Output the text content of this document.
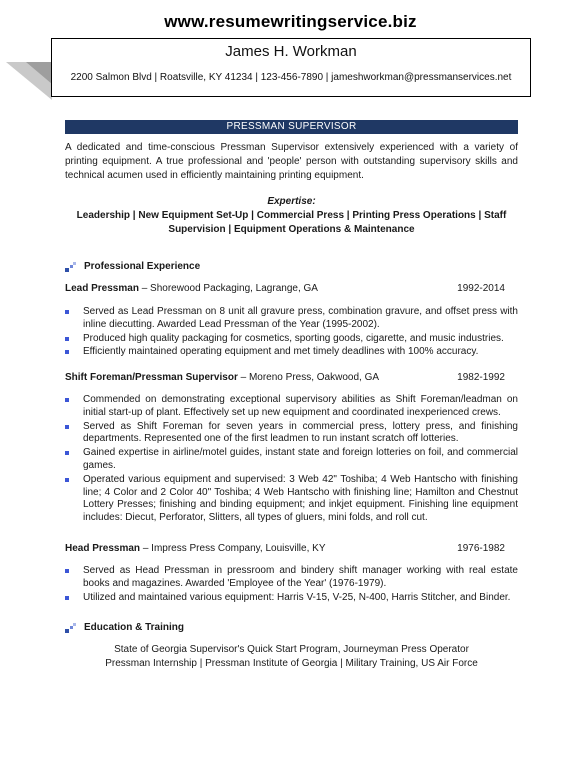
www.resumewritingservice.biz
James H. Workman
2200 Salmon Blvd | Roatsville, KY 41234 | 123-456-7890 | jameshworkman@pressmanservices.net
PRESSMAN SUPERVISOR
A dedicated and time-conscious Pressman Supervisor extensively experienced with a variety of printing equipment. A true professional and 'people' person with outstanding supervisory skills and technical acumen used in efficiently maintaining printing equipment.
Expertise:
Leadership | New Equipment Set-Up | Commercial Press | Printing Press Operations | Staff Supervision | Equipment Operations & Maintenance
Professional Experience
Lead Pressman – Shorewood Packaging, Lagrange, GA	1992-2014
Served as Lead Pressman on 8 unit all gravure press, combination gravure, and offset press with inline diecutting. Awarded Lead Pressman of the Year (1995-2002).
Produced high quality packaging for cosmetics, sporting goods, cigarette, and music industries.
Efficiently maintained operating equipment and met timely deadlines with 100% accuracy.
Shift Foreman/Pressman Supervisor – Moreno Press, Oakwood, GA	1982-1992
Commended on demonstrating exceptional supervisory abilities as Shift Foreman/leadman on initial start-up of plant. Effectively set up new equipment and coordinated inexperienced crews.
Served as Shift Foreman for seven years in commercial press, lottery press, and finishing departments. Represented one of the first leadmen to run instant scratch off lotteries.
Gained expertise in airline/motel guides, instant state and foreign lotteries on foil, and commercial games.
Operated various equipment and supervised: 3 Web 42" Toshiba; 4 Web Hantscho with finishing line; 4 Color and 2 Color 40" Toshiba; 4 Web Hantscho with finishing line; Hamilton and Chestnut Lottery Presses; finishing and binding equipment; and inkjet equipment. Finishing line equipment includes: Diecut, Perforator, Slitters, all types of gluers, mini folds, and roll cut.
Head Pressman – Impress Press Company, Louisville, KY	1976-1982
Served as Head Pressman in pressroom and bindery shift manager working with real estate books and magazines. Awarded 'Employee of the Year' (1976-1979).
Utilized and maintained various equipment: Harris V-15, V-25, N-400, Harris Stitcher, and Binder.
Education & Training
State of Georgia Supervisor's Quick Start Program, Journeyman Press Operator
Pressman Internship | Pressman Institute of Georgia | Military Training, US Air Force
